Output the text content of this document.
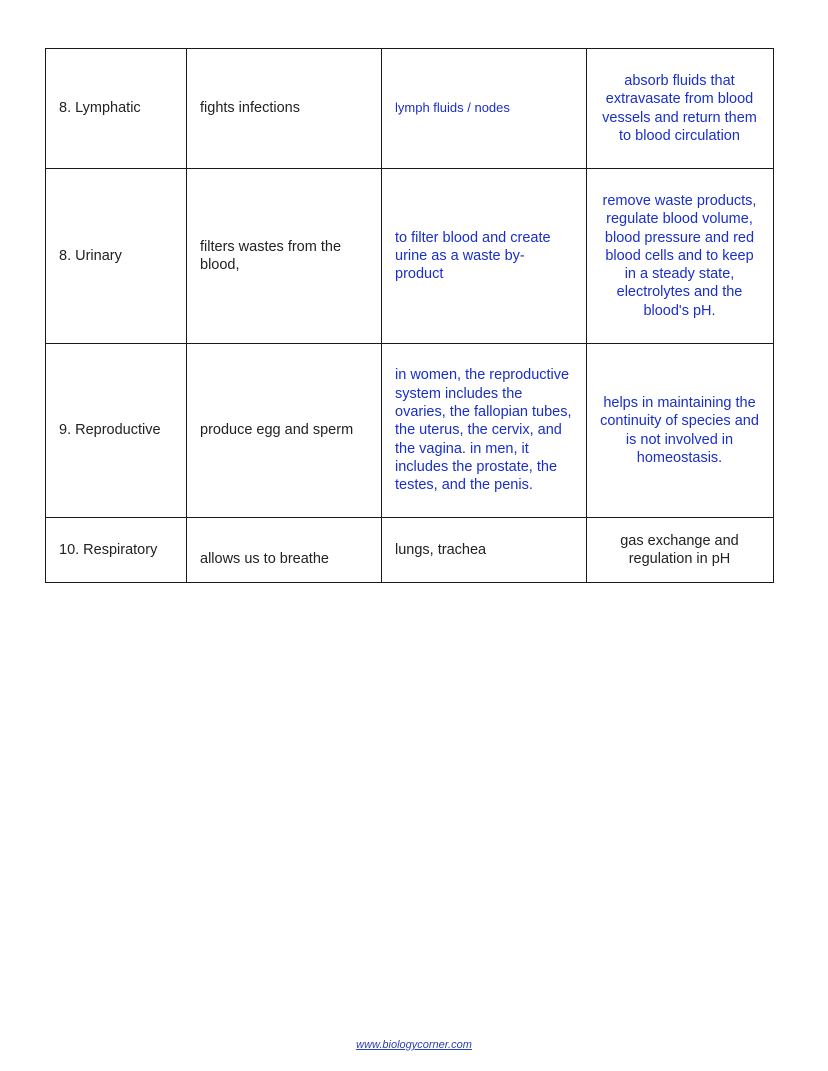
8. Lymphatic	fights infections	lymph fluids / nodes	absorb fluids that extravasate from blood vessels and return them to blood circulation
8. Urinary	filters wastes from the blood,	to filter blood and create urine as a waste by-product	remove waste products, regulate blood volume, blood pressure and red blood cells and to keep in a steady state, electrolytes and the blood's pH.
9. Reproductive	produce egg and sperm	in women, the reproductive system includes the ovaries, the fallopian tubes, the uterus, the cervix, and the vagina. in men, it includes the prostate, the testes, and the penis.	helps in maintaining the continuity of species and is not involved in homeostasis.
10. Respiratory	allows us to breathe	lungs, trachea	gas exchange and regulation in pH
www.biologycorner.com
